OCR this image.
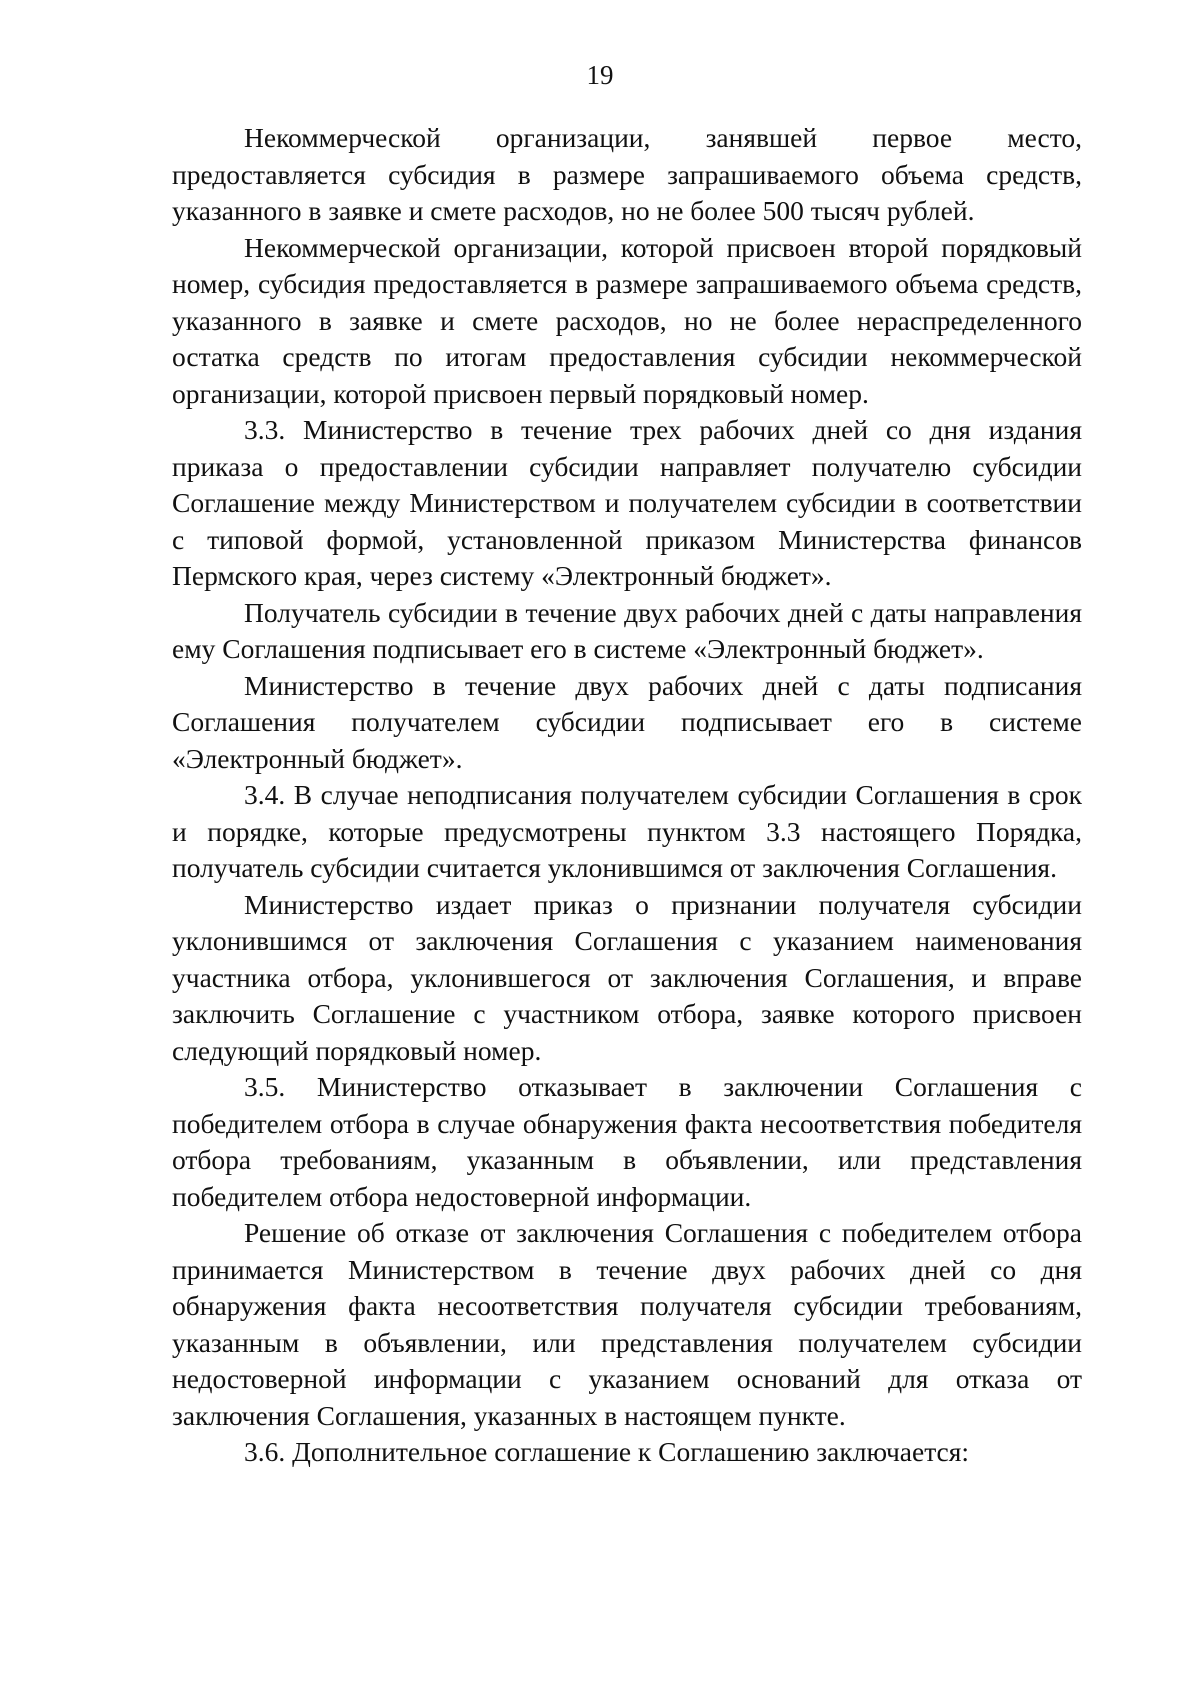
19

Некоммерческой организации, занявшей первое место, предоставляется субсидия в размере запрашиваемого объема средств, указанного в заявке и смете расходов, но не более 500 тысяч рублей.

Некоммерческой организации, которой присвоен второй порядковый номер, субсидия предоставляется в размере запрашиваемого объема средств, указанного в заявке и смете расходов, но не более нераспределенного остатка средств по итогам предоставления субсидии некоммерческой организации, которой присвоен первый порядковый номер.

3.3. Министерство в течение трех рабочих дней со дня издания приказа о предоставлении субсидии направляет получателю субсидии Соглашение между Министерством и получателем субсидии в соответствии с типовой формой, установленной приказом Министерства финансов Пермского края, через систему «Электронный бюджет».

Получатель субсидии в течение двух рабочих дней с даты направления ему Соглашения подписывает его в системе «Электронный бюджет».

Министерство в течение двух рабочих дней с даты подписания Соглашения получателем субсидии подписывает его в системе «Электронный бюджет».

3.4. В случае неподписания получателем субсидии Соглашения в срок и порядке, которые предусмотрены пунктом 3.3 настоящего Порядка, получатель субсидии считается уклонившимся от заключения Соглашения.

Министерство издает приказ о признании получателя субсидии уклонившимся от заключения Соглашения с указанием наименования участника отбора, уклонившегося от заключения Соглашения, и вправе заключить Соглашение с участником отбора, заявке которого присвоен следующий порядковый номер.

3.5. Министерство отказывает в заключении Соглашения с победителем отбора в случае обнаружения факта несоответствия победителя отбора требованиям, указанным в объявлении, или представления победителем отбора недостоверной информации.

Решение об отказе от заключения Соглашения с победителем отбора принимается Министерством в течение двух рабочих дней со дня обнаружения факта несоответствия получателя субсидии требованиям, указанным в объявлении, или представления получателем субсидии недостоверной информации с указанием оснований для отказа от заключения Соглашения, указанных в настоящем пункте.

3.6. Дополнительное соглашение к Соглашению заключается:
